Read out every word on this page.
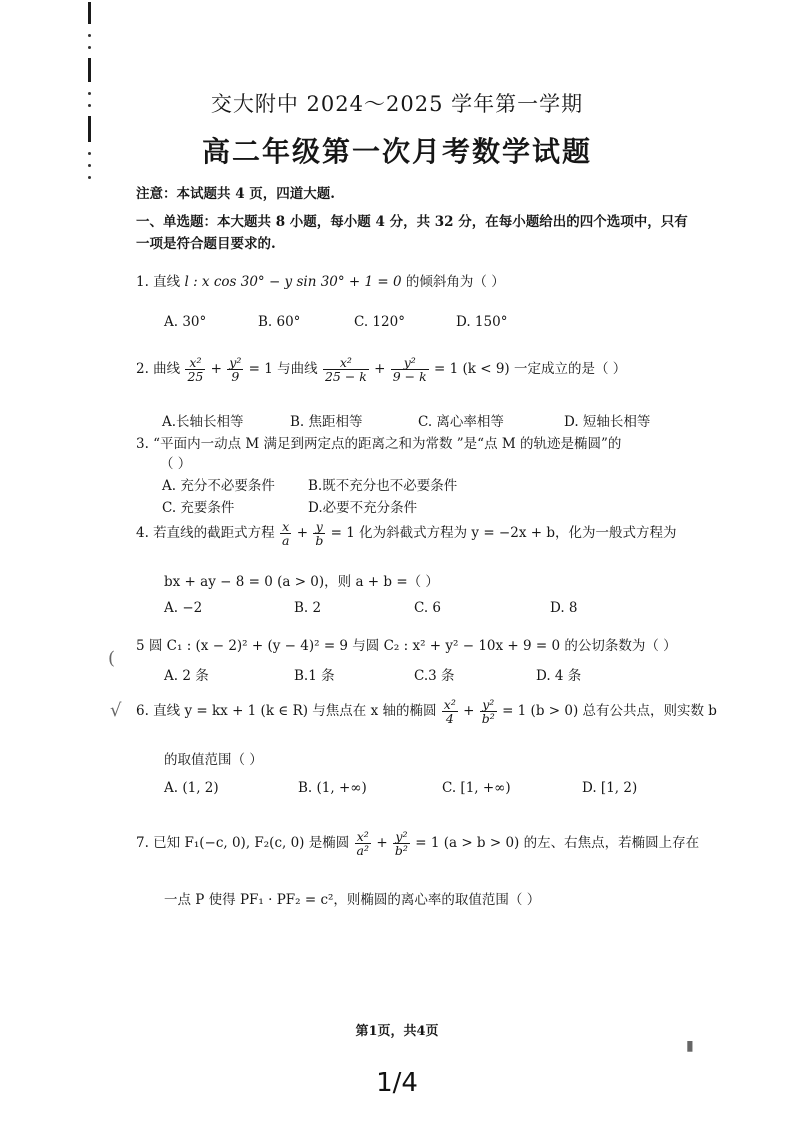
交大附中 2024～2025 学年第一学期
高二年级第一次月考数学试题
注意：本试题共 4 页，四道大题.
一、单选题：本大题共 8 小题，每小题 4 分，共 32 分，在每小题给出的四个选项中，只有
一项是符合题目要求的.
1. 直线 l : x cos 30° − y sin 30° + 1 = 0 的倾斜角为（ ）
A. 30°	B. 60°	C. 120°	D. 150°
2. 曲线 $\frac{\text{x²}}{25} + \frac{\text{y²}}{9} = 1$ 与曲线 $\frac{\text{x²}}{25 - k} + \frac{\text{y²}}{9 - k} = 1$ (k < 9) 一定成立的是（ ）
A.长轴长相等	B. 焦距相等	C. 离心率相等	D. 短轴长相等
3. “平面内一动点 M 满足到两定点的距离之和为常数 ”是“点 M 的轨迹是椭圆”的
（ ）
A. 充分不必要条件 B.既不充分也不必要条件
C. 充要条件	D.必要不充分条件
4. 若直线的截距式方程 $\frac{x}{a} + \frac{y}{b} = 1$ 化为斜截式方程为 y = −2x + b，化为一般式方程为
bx + ay − 8 = 0 (a > 0)，则 a + b =（ ）
A. −2	B. 2	C. 6	D. 8
5 圆 C₁ : (x − 2)² + (y − 4)² = 9 与圆 C₂ : x² + y² − 10x + 9 = 0 的公切条数为（ ）
A. 2 条	B.1 条	C.3 条	D. 4 条
6. 直线 y = kx + 1 (k ∈ R) 与焦点在 x 轴的椭圆 $\frac{\text{x²}}{4} + \frac{\text{y²}}{\text{b²}} = 1$ (b > 0) 总有公共点，则实数 b
的取值范围（ ）
A. (1, 2)	B. (1, +∞)	C. [1, +∞)	D. [1, 2)
7. 已知 F₁(−c, 0), F₂(c, 0) 是椭圆 $\frac{\text{x²}}{\text{a²}} + \frac{\text{y²}}{\text{b²}} = 1$ (a > b > 0) 的左、右焦点，若椭圆上存在
一点 P 使得 PF₁ · PF₂ = c²，则椭圆的离心率的取值范围（ ）
(
√
▮
第1页，共4页
1/4
